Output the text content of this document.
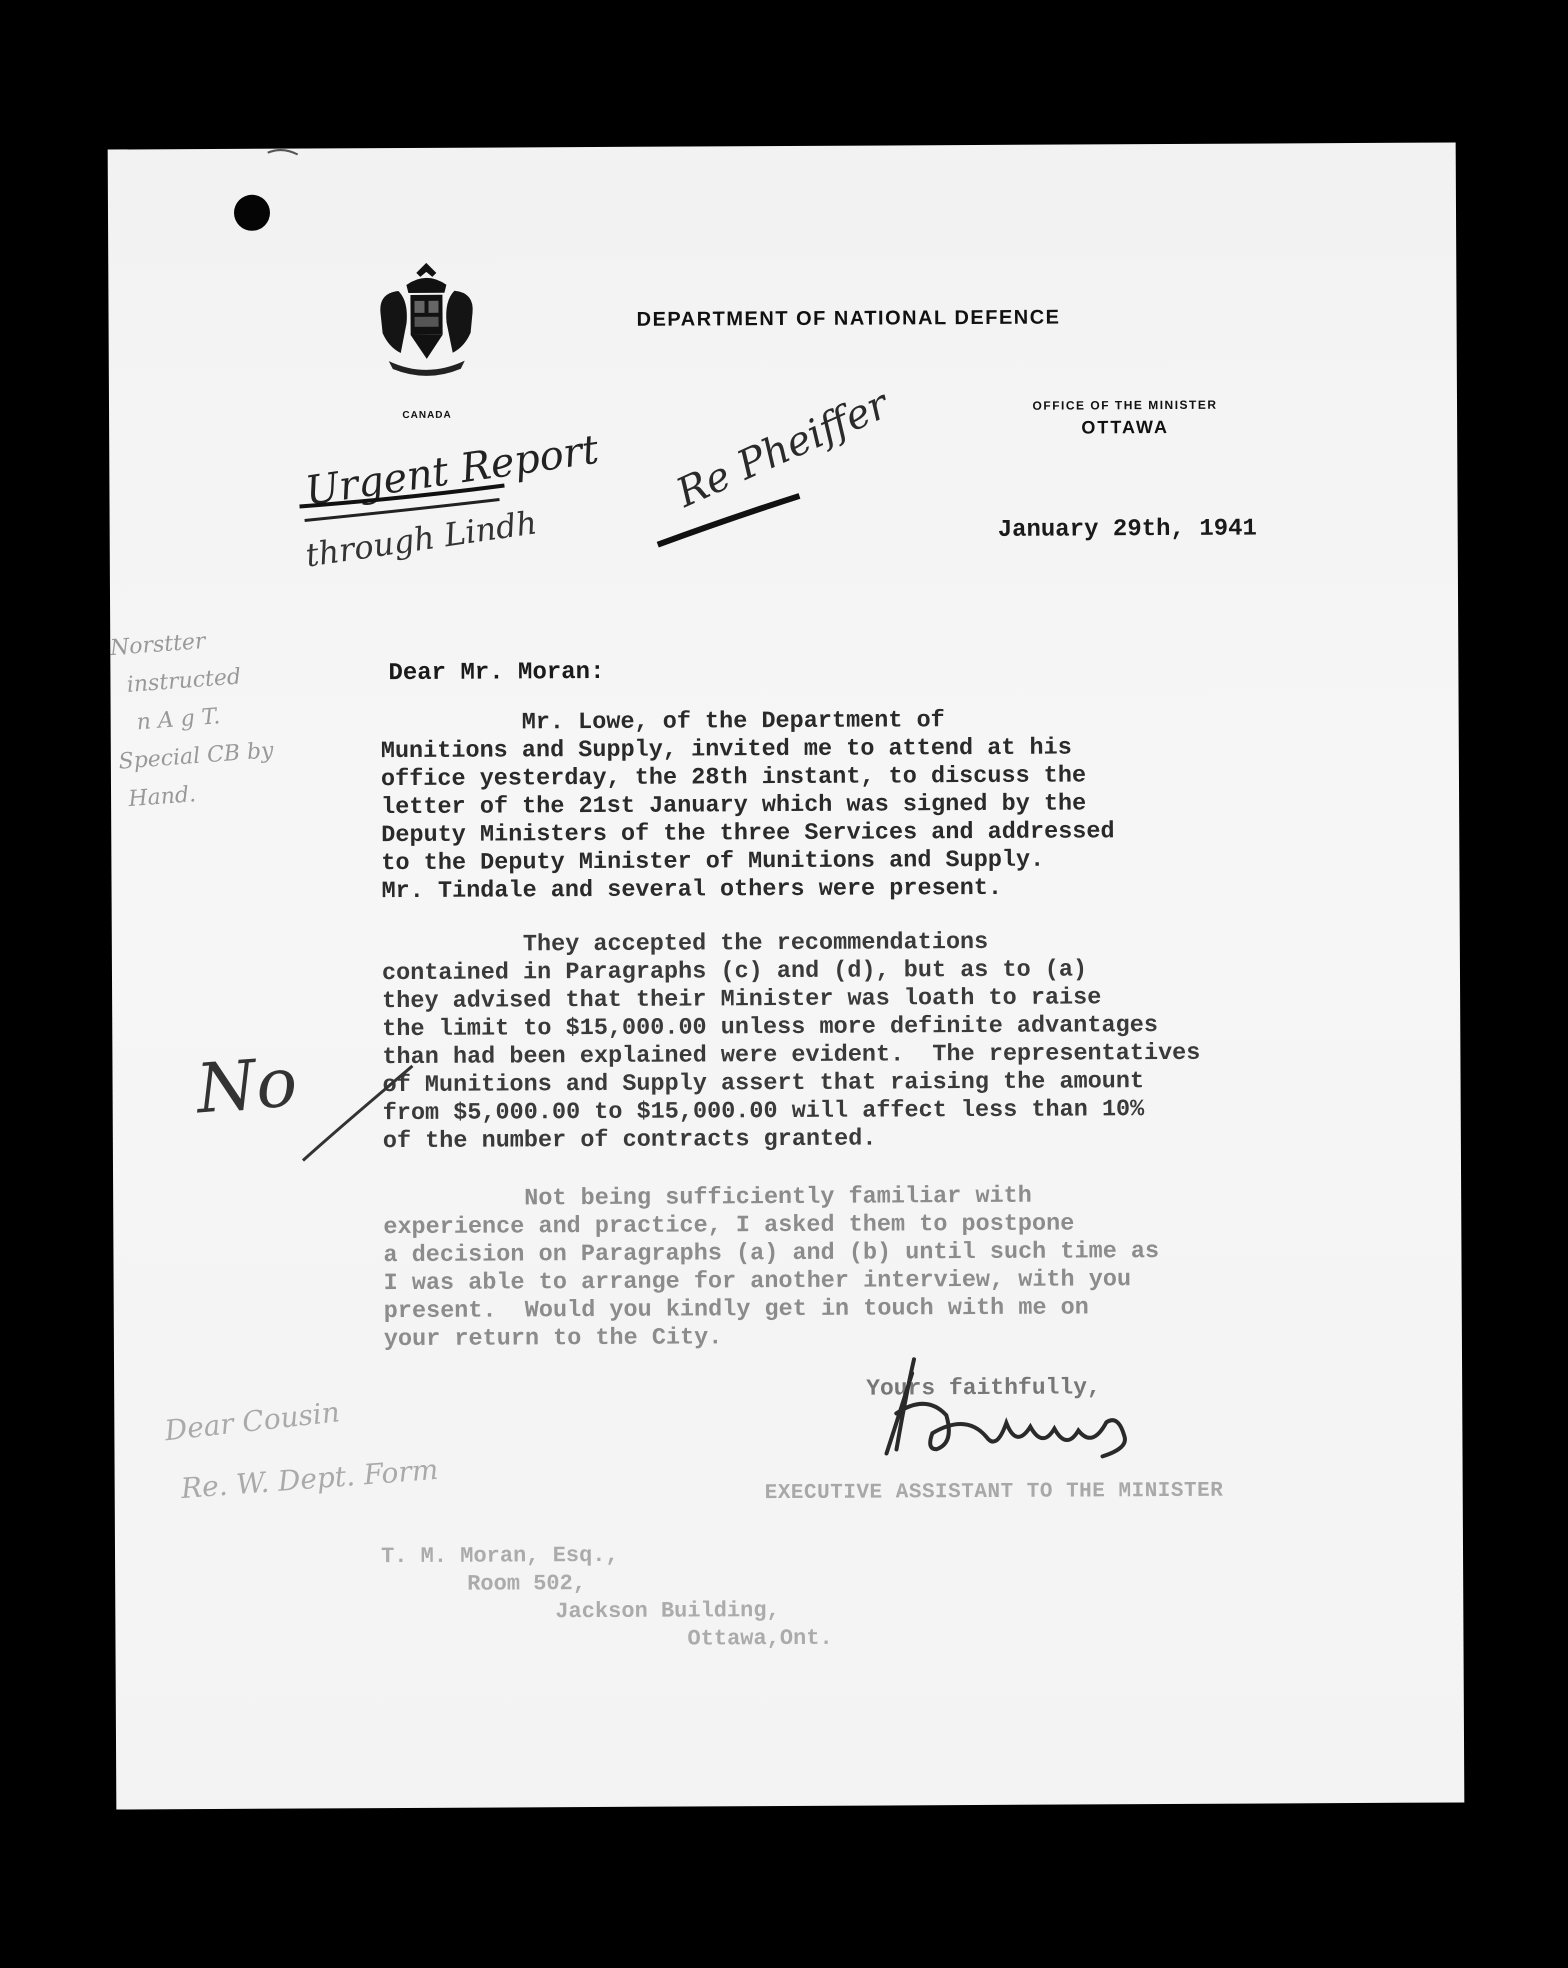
CANADA
DEPARTMENT OF NATIONAL DEFENCE
OFFICE OF THE MINISTER
OTTAWA
January 29th, 1941
Dear Mr. Moran:
Mr. Lowe, of the Department of
Munitions and Supply, invited me to attend at his
office yesterday, the 28th instant, to discuss the
letter of the 21st January which was signed by the
Deputy Ministers of the three Services and addressed
to the Deputy Minister of Munitions and Supply.
Mr. Tindale and several others were present.
They accepted the recommendations
contained in Paragraphs (c) and (d), but as to (a)
they advised that their Minister was loath to raise
the limit to $15,000.00 unless more definite advantages
than had been explained were evident.  The representatives
of Munitions and Supply assert that raising the amount
from $5,000.00 to $15,000.00 will affect less than 10%
of the number of contracts granted.
Not being sufficiently familiar with
experience and practice, I asked them to postpone
a decision on Paragraphs (a) and (b) until such time as
I was able to arrange for another interview, with you
present.  Would you kindly get in touch with me on
your return to the City.
Yours faithfully,
EXECUTIVE ASSISTANT TO THE MINISTER
T. M. Moran, Esq.,
Room 502,
Jackson Building,
Ottawa,Ont.
Urgent Report
through Lindh
Re Pheiffer
Norstter
instructed
n A g T.
Special CB by
Hand.
No
Dear Cousin
Re. W. Dept. Form
